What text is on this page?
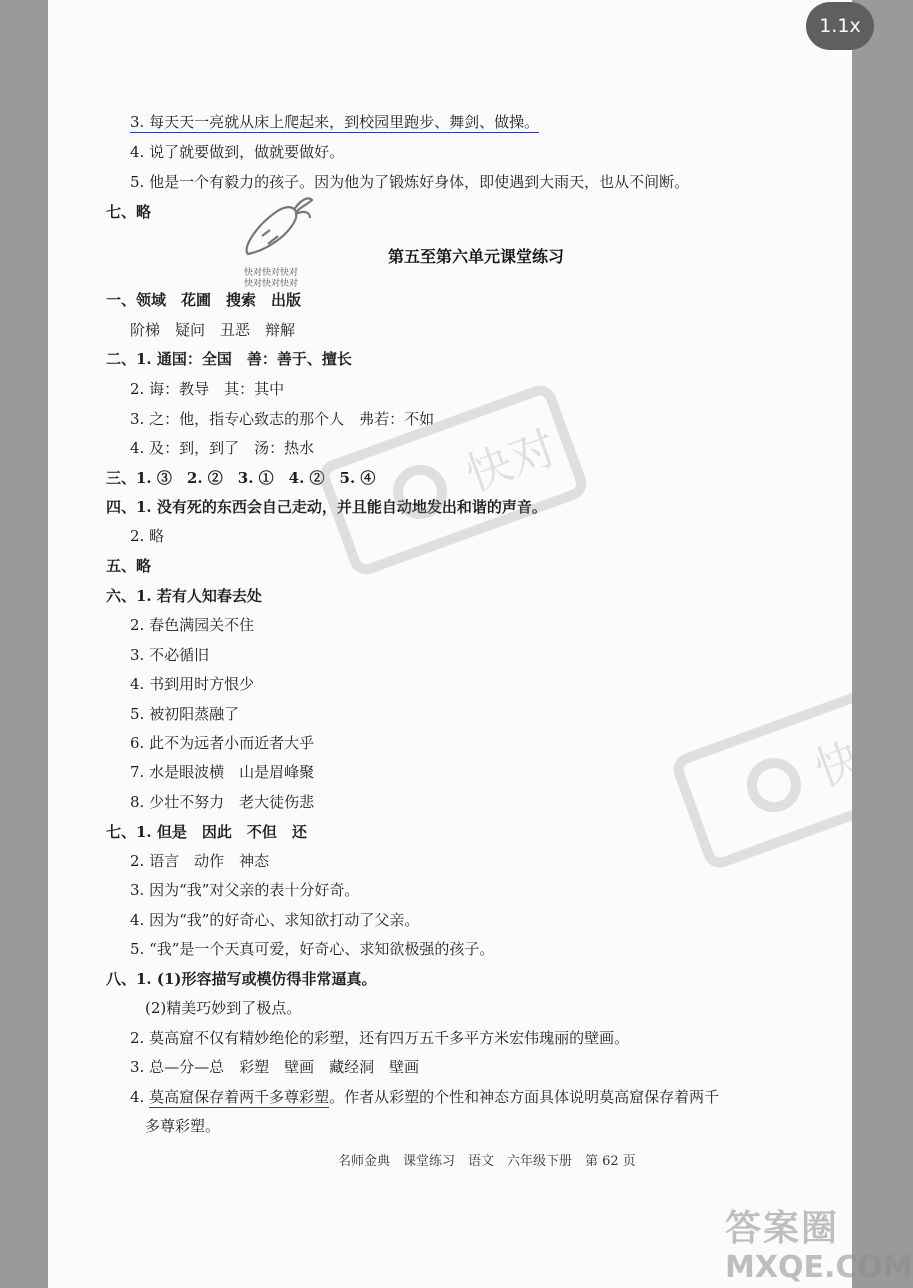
3. 每天天一亮就从床上爬起来，到校园里跑步、舞剑、做操。
4. 说了就要做到，做就要做好。
5. 他是一个有毅力的孩子。因为他为了锻炼好身体，即使遇到大雨天，也从不间断。
七、略
快对快对快对
快对快对快对
第五至第六单元课堂练习
一、领域　花圃　搜索　出版
阶梯　疑问　丑恶　辩解
二、1. 通国：全国　善：善于、擅长
2. 诲：教导　其：其中
3. 之：他，指专心致志的那个人　弗若：不如
4. 及：到，到了　汤：热水
三、1. ③　2. ②　3. ①　4. ②　5. ④
四、1. 没有死的东西会自己走动，并且能自动地发出和谐的声音。
2. 略
五、略
六、1. 若有人知春去处
2. 春色满园关不住
3. 不必循旧
4. 书到用时方恨少
5. 被初阳蒸融了
6. 此不为远者小而近者大乎
7. 水是眼波横　山是眉峰聚
8. 少壮不努力　老大徒伤悲
七、1. 但是　因此　不但　还
2. 语言　动作　神态
3. 因为“我”对父亲的表十分好奇。
4. 因为“我”的好奇心、求知欲打动了父亲。
5. “我”是一个天真可爱，好奇心、求知欲极强的孩子。
八、1. (1)形容描写或模仿得非常逼真。
(2)精美巧妙到了极点。
2. 莫高窟不仅有精妙绝伦的彩塑，还有四万五千多平方米宏伟瑰丽的壁画。
3. 总—分—总　彩塑　壁画　藏经洞　壁画
4. 莫高窟保存着两千多尊彩塑。作者从彩塑的个性和神态方面具体说明莫高窟保存着两千
多尊彩塑。
名师金典　课堂练习　语文　六年级下册　第 62 页
快对
快对
1.1x
答案圈
MXQE.COM
